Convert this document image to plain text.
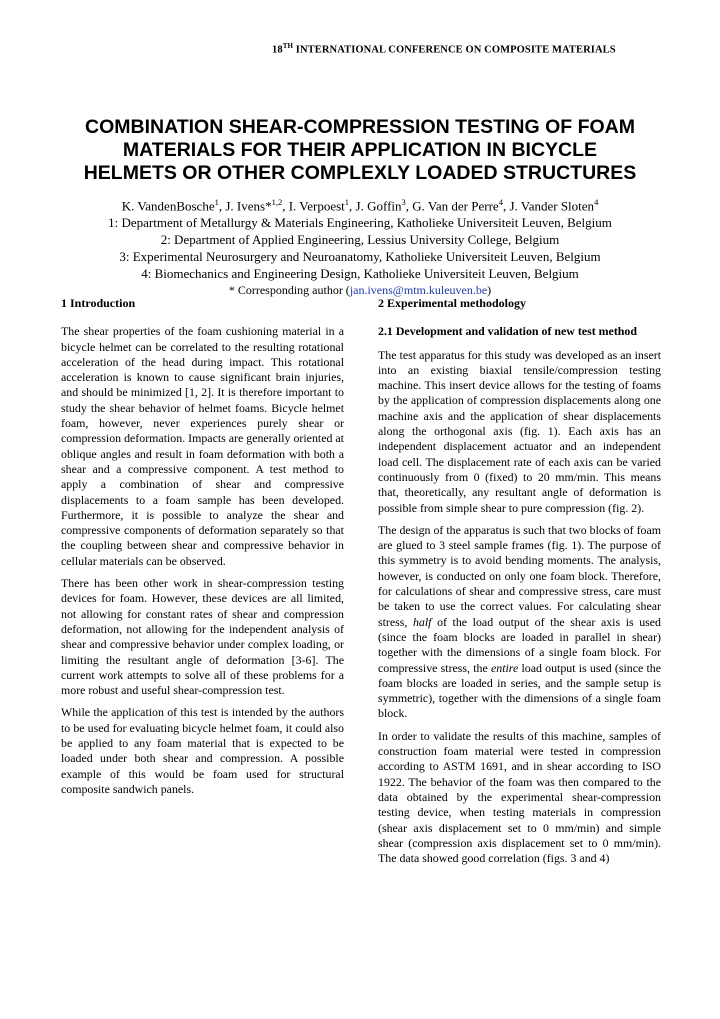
18TH INTERNATIONAL CONFERENCE ON COMPOSITE MATERIALS
COMBINATION SHEAR-COMPRESSION TESTING OF FOAM
MATERIALS FOR THEIR APPLICATION IN BICYCLE
HELMETS OR OTHER COMPLEXLY LOADED STRUCTURES
K. VandenBosche$^1$, J. Ivens*$^{1,2}$, I. Verpoest$^1$, J. Goffin$^3$, G. Van der Perre$^4$, J. Vander Sloten$^4$
1: Department of Metallurgy & Materials Engineering, Katholieke Universiteit Leuven, Belgium
2: Department of Applied Engineering, Lessius University College, Belgium
3: Experimental Neurosurgery and Neuroanatomy, Katholieke Universiteit Leuven, Belgium
4: Biomechanics and Engineering Design, Katholieke Universiteit Leuven, Belgium
* Corresponding author (jan.ivens@mtm.kuleuven.be)
1 Introduction

The shear properties of the foam cushioning material in a bicycle helmet can be correlated to the resulting rotational acceleration of the head during impact. This rotational acceleration is known to cause significant brain injuries, and should be minimized [1, 2]. It is therefore important to study the shear behavior of helmet foams. Bicycle helmet foam, however, never experiences purely shear or compression deformation. Impacts are generally oriented at oblique angles and result in foam deformation with both a shear and a compressive component. A test method to apply a combination of shear and compressive displacements to a foam sample has been developed. Furthermore, it is possible to analyze the shear and compressive components of deformation separately so that the coupling between shear and compressive behavior in cellular materials can be observed.

There has been other work in shear-compression testing devices for foam. However, these devices are all limited, not allowing for constant rates of shear and compression deformation, not allowing for the independent analysis of shear and compressive behavior under complex loading, or limiting the resultant angle of deformation [3-6]. The current work attempts to solve all of these problems for a more robust and useful shear-compression test.

While the application of this test is intended by the authors to be used for evaluating bicycle helmet foam, it could also be applied to any foam material that is expected to be loaded under both shear and compression. A possible example of this would be foam used for structural composite sandwich panels.

2 Experimental methodology
2.1 Development and validation of new test method

The test apparatus for this study was developed as an insert into an existing biaxial tensile/compression testing machine. This insert device allows for the testing of foams by the application of compression displacements along one machine axis and the application of shear displacements along the orthogonal axis (fig. 1). Each axis has an independent displacement actuator and an independent load cell. The displacement rate of each axis can be varied continuously from 0 (fixed) to 20 mm/min. This means that, theoretically, any resultant angle of deformation is possible from simple shear to pure compression (fig. 2).

The design of the apparatus is such that two blocks of foam are glued to 3 steel sample frames (fig. 1). The purpose of this symmetry is to avoid bending moments. The analysis, however, is conducted on only one foam block. Therefore, for calculations of shear and compressive stress, care must be taken to use the correct values. For calculating shear stress, half of the load output of the shear axis is used (since the foam blocks are loaded in parallel in shear) together with the dimensions of a single foam block. For compressive stress, the entire load output is used (since the foam blocks are loaded in series, and the sample setup is symmetric), together with the dimensions of a single foam block.

In order to validate the results of this machine, samples of construction foam material were tested in compression according to ASTM 1691, and in shear according to ISO 1922. The behavior of the foam was then compared to the data obtained by the experimental shear-compression testing device, when testing materials in compression (shear axis displacement set to 0 mm/min) and simple shear (compression axis displacement set to 0 mm/min). The data showed good correlation (figs. 3 and 4)
